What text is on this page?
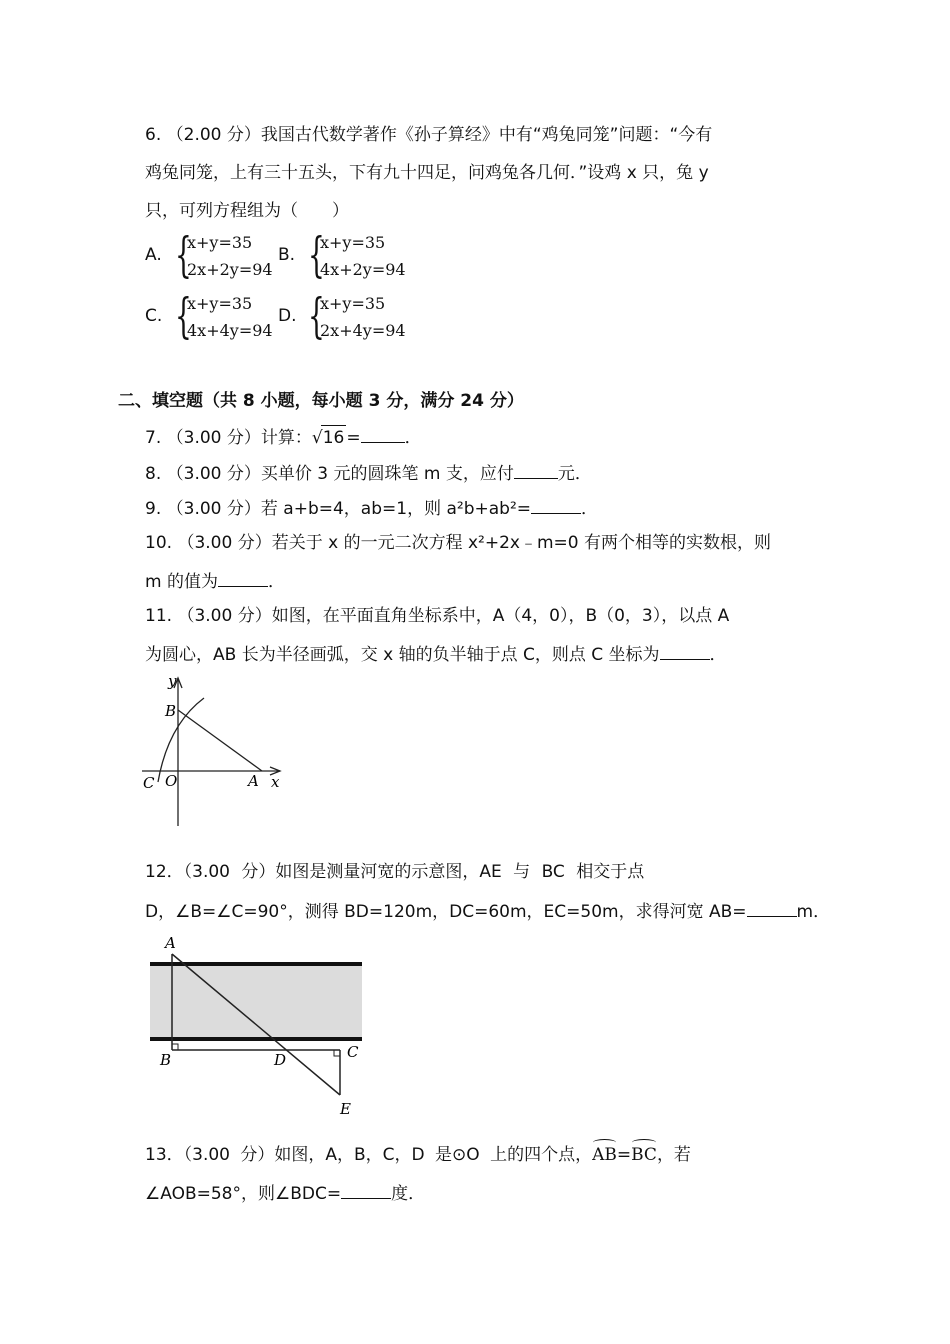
6. （2.00 分）我国古代数学著作《孙子算经》中有“鸡兔同笼”问题：“今有
鸡兔同笼，上有三十五头，下有九十四足，问鸡兔各几何．”设鸡 x 只，兔 y
只，可列方程组为（　　）
A. {
x+y=35
2x+2y=94
B. {
x+y=35
4x+2y=94
C. {
x+y=35
4x+4y=94
D. {
x+y=35
2x+4y=94
二、填空题（共 8 小题，每小题 3 分，满分 24 分）
7. （3.00 分）计算：√16 =	．
8. （3.00 分）买单价 3 元的圆珠笔 m 支，应付	元．
9. （3.00 分）若 a+b=4，ab=1，则 a²b+ab²=	．
10. （3.00 分）若关于 x 的一元二次方程 x²+2x﹣m=0 有两个相等的实数根，则
m 的值为	．
11. （3.00 分）如图，在平面直角坐标系中，A（4，0），B（0，3），以点 A
为圆心，AB 长为半径画弧，交 x 轴的负半轴于点 C，则点 C 坐标为	．
y
B
C O	A x
12．（3.00 分）如图是测量河宽的示意图，AE 与 BC 相交于点
D，∠B=∠C=90°，测得 BD=120m，DC=60m，EC=50m，求得河宽 AB=	m．
A
B	C
D
E
13．（3.00 分）如图，A，B，C，D 是⊙O 上的四个点，AB=BC，若
∠AOB=58°，则∠BDC=	度．
